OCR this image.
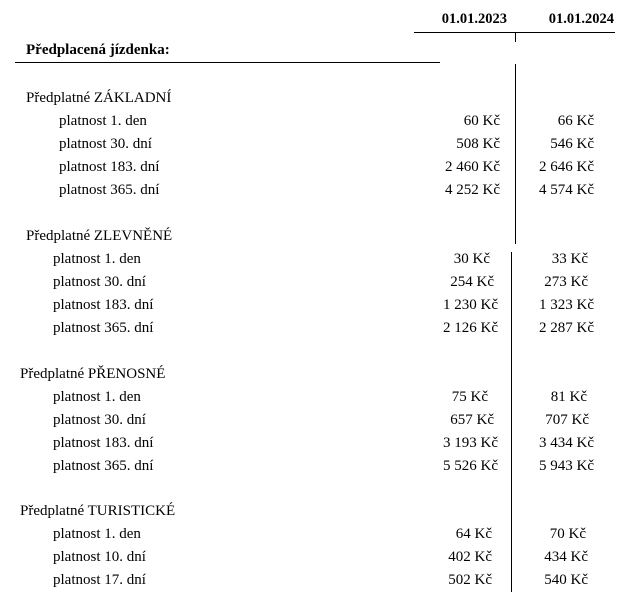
01.01.2023	01.01.2024
Předplacená jízdenka:
Předplatné ZÁKLADNÍ
platnost 1. den	60 Kč	66 Kč
platnost 30. dní	508 Kč	546 Kč
platnost 183. dní	2 460 Kč	2 646 Kč
platnost 365. dní	4 252 Kč	4 574 Kč
Předplatné ZLEVNĚNÉ
platnost 1. den	30 Kč	33 Kč
platnost 30. dní	254 Kč	273 Kč
platnost 183. dní	1 230 Kč	1 323 Kč
platnost 365. dní	2 126 Kč	2 287 Kč
Předplatné PŘENOSNÉ
platnost 1. den	75 Kč	81 Kč
platnost 30. dní	657 Kč	707 Kč
platnost 183. dní	3 193 Kč	3 434 Kč
platnost 365. dní	5 526 Kč	5 943 Kč
Předplatné TURISTICKÉ
platnost 1. den	64 Kč	70 Kč
platnost 10. dní	402 Kč	434 Kč
platnost 17. dní	502 Kč	540 Kč
